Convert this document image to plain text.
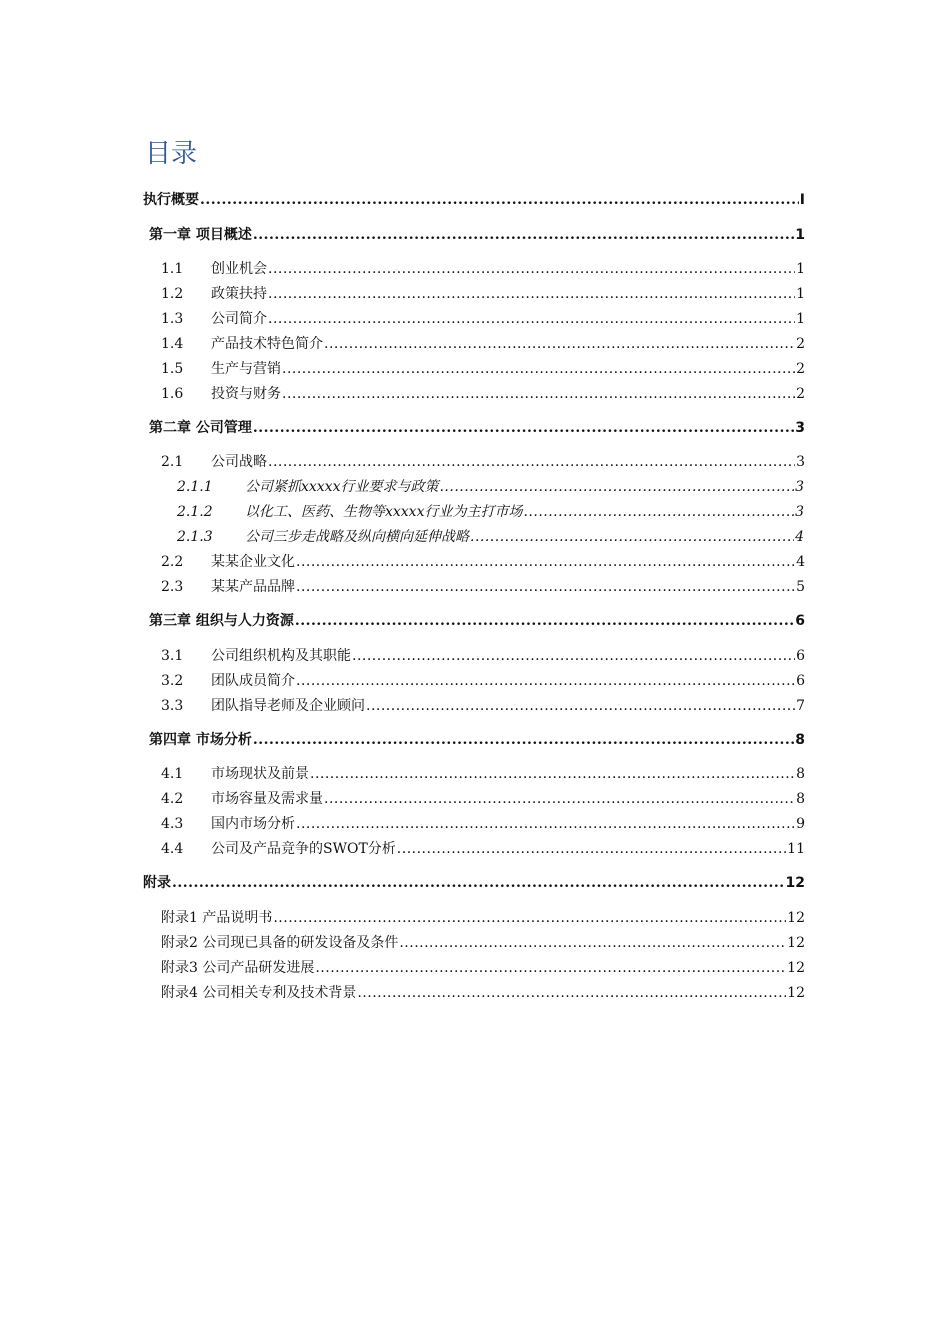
目录
执行概要 .....	I
第一章 项目概述 .....	1
1.1 创业机会 .....	1
1.2 政策扶持 .....	1
1.3 公司简介 .....	1
1.4 产品技术特色简介 .....	2
1.5 生产与营销 .....	2
1.6 投资与财务 .....	2
第二章 公司管理 .....	3
2.1 公司战略 .....	3
2.1.1 公司紧抓xxxxx行业要求与政策 .....	3
2.1.2 以化工、医药、生物等xxxxx行业为主打市场 .....	3
2.1.3 公司三步走战略及纵向横向延伸战略 .....	4
2.2 某某企业文化 .....	4
2.3 某某产品品牌 .....	5
第三章 组织与人力资源 .....	6
3.1 公司组织机构及其职能 .....	6
3.2 团队成员简介 .....	6
3.3 团队指导老师及企业顾问 .....	7
第四章 市场分析 .....	8
4.1 市场现状及前景 .....	8
4.2 市场容量及需求量 .....	8
4.3 国内市场分析 .....	9
4.4 公司及产品竞争的SWOT分析 .....	11
附录 .....	12
附录1 产品说明书 .....	12
附录2 公司现已具备的研发设备及条件 .....	12
附录3 公司产品研发进展 .....	12
附录4 公司相关专利及技术背景 .....	12
